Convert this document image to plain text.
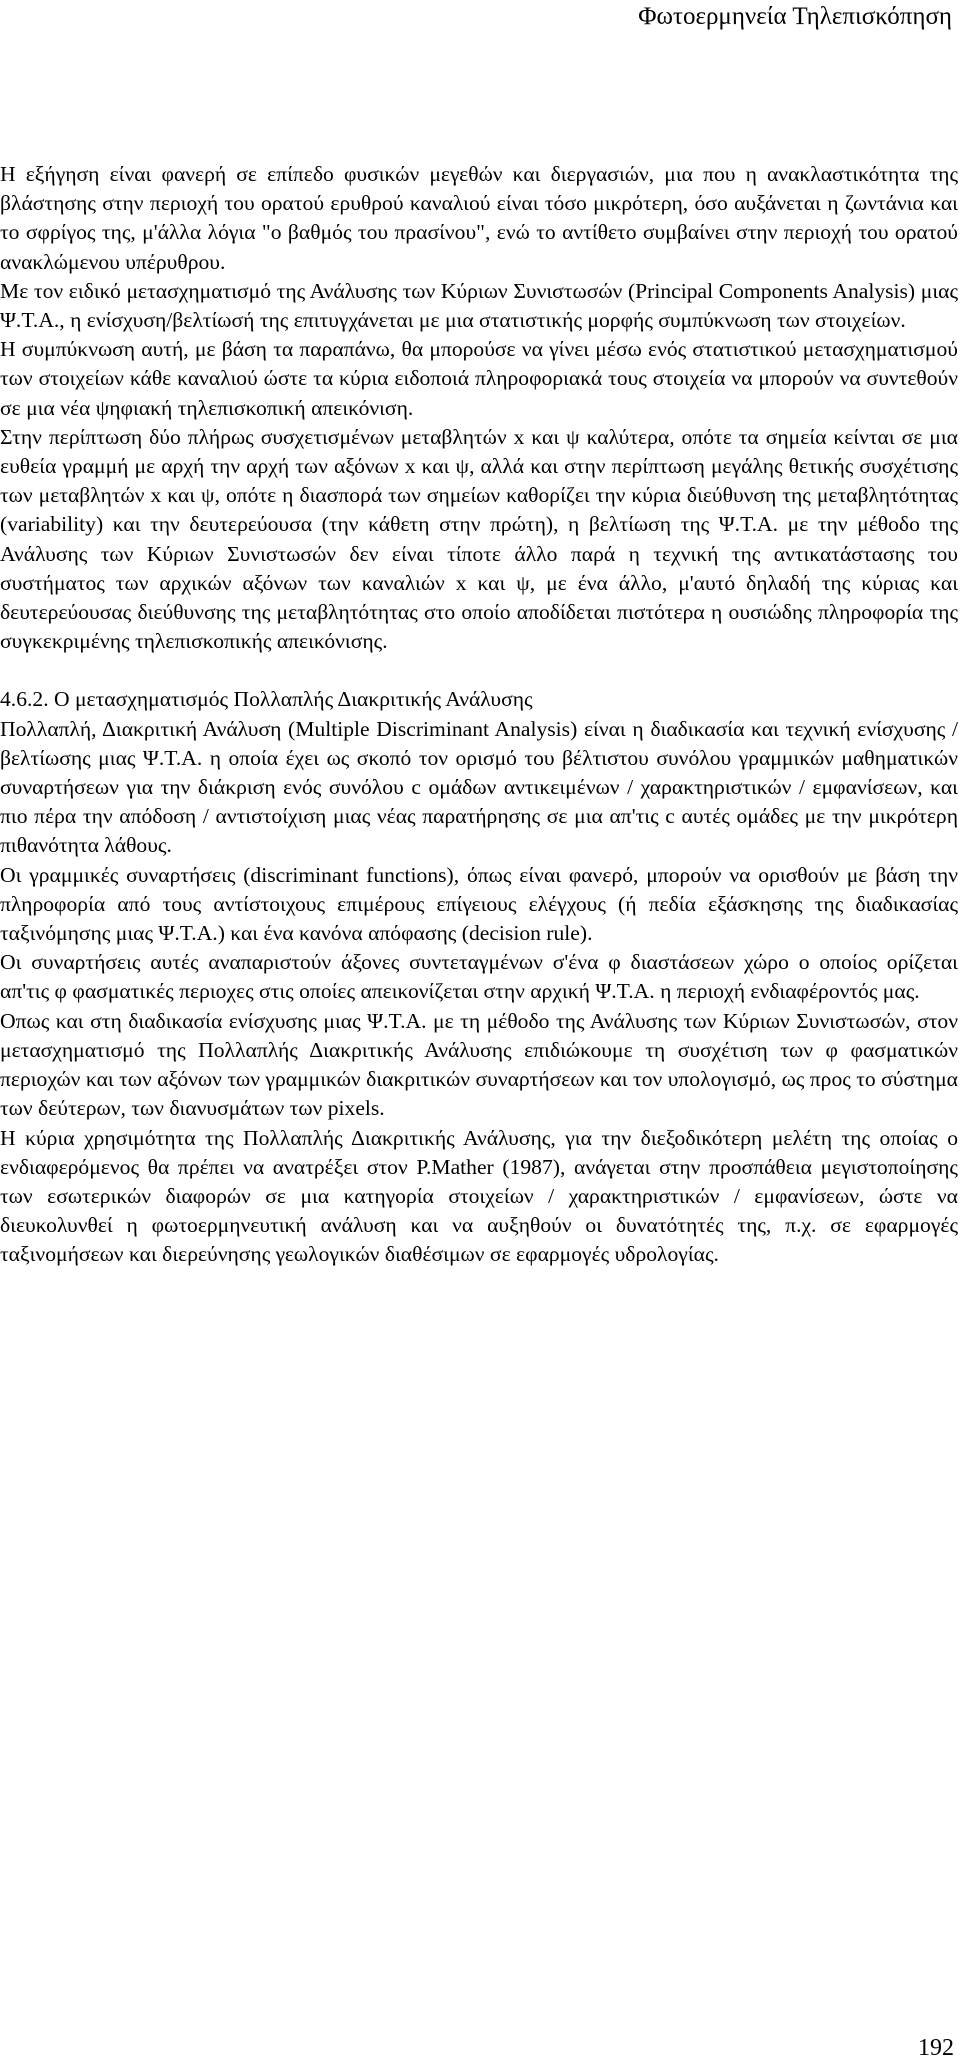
Φωτοερμηνεία Τηλεπισκόπηση

Η εξήγηση είναι φανερή σε επίπεδο φυσικών μεγεθών και διεργασιών, μια που η ανακλαστικότητα της βλάστησης στην περιοχή του ορατού ερυθρού καναλιού είναι τόσο μικρότερη, όσο αυξάνεται η ζωντάνια και το σφρίγος της, μ'άλλα λόγια "ο βαθμός του πρασίνου", ενώ το αντίθετο συμβαίνει στην περιοχή του ορατού ανακλώμενου υπέρυθρου.

Με τον ειδικό μετασχηματισμό της Ανάλυσης των Κύριων Συνιστωσών (Principal Components Analysis) μιας Ψ.Τ.Α., η ενίσχυση/βελτίωσή της επιτυγχάνεται με μια στατιστικής μορφής συμπύκνωση των στοιχείων.

Η συμπύκνωση αυτή, με βάση τα παραπάνω, θα μπορούσε να γίνει μέσω ενός στατιστικού μετασχηματισμού των στοιχείων κάθε καναλιού ώστε τα κύρια ειδοποιά πληροφοριακά τους στοιχεία να μπορούν να συντεθούν σε μια νέα ψηφιακή τηλεπισκοπική απεικόνιση.

Στην περίπτωση δύο πλήρως συσχετισμένων μεταβλητών x και ψ καλύτερα, οπότε τα σημεία κείνται σε μια ευθεία γραμμή με αρχή την αρχή των αξόνων x και ψ, αλλά και στην περίπτωση μεγάλης θετικής συσχέτισης των μεταβλητών x και ψ, οπότε η διασπορά των σημείων καθορίζει την κύρια διεύθυνση της μεταβλητότητας (variability) και την δευτερεύουσα (την κάθετη στην πρώτη), η βελτίωση της Ψ.Τ.Α. με την μέθοδο της Ανάλυσης των Κύριων Συνιστωσών δεν είναι τίποτε άλλο παρά η τεχνική της αντικατάστασης του συστήματος των αρχικών αξόνων των καναλιών x και ψ, με ένα άλλο, μ'αυτό δηλαδή της κύριας και δευτερεύουσας διεύθυνσης της μεταβλητότητας στο οποίο αποδίδεται πιστότερα η ουσιώδης πληροφορία της συγκεκριμένης τηλεπισκοπικής απεικόνισης.

4.6.2. Ο μετασχηματισμός Πολλαπλής Διακριτικής Ανάλυσης

Πολλαπλή, Διακριτική Ανάλυση (Multiple Discriminant Analysis) είναι η διαδικασία και τεχνική ενίσχυσης / βελτίωσης μιας Ψ.Τ.Α. η οποία έχει ως σκοπό τον ορισμό του βέλτιστου συνόλου γραμμικών μαθηματικών συναρτήσεων για την διάκριση ενός συνόλου c ομάδων αντικειμένων / χαρακτηριστικών / εμφανίσεων, και πιο πέρα την απόδοση / αντιστοίχιση μιας νέας παρατήρησης σε μια απ'τις c αυτές ομάδες με την μικρότερη πιθανότητα λάθους.

Οι γραμμικές συναρτήσεις (discriminant functions), όπως είναι φανερό, μπορούν να ορισθούν με βάση την πληροφορία από τους αντίστοιχους επιμέρους επίγειους ελέγχους (ή πεδία εξάσκησης της διαδικασίας ταξινόμησης μιας Ψ.Τ.Α.) και ένα κανόνα απόφασης (decision rule).

Οι συναρτήσεις αυτές αναπαριστούν άξονες συντεταγμένων σ'ένα φ διαστάσεων χώρο ο οποίος ορίζεται απ'τις φ φασματικές περιοχες στις οποίες απεικονίζεται στην αρχική Ψ.Τ.Α. η περιοχή ενδιαφέροντός μας.

Οπως και στη διαδικασία ενίσχυσης μιας Ψ.Τ.Α. με τη μέθοδο της Ανάλυσης των Κύριων Συνιστωσών, στον μετασχηματισμό της Πολλαπλής Διακριτικής Ανάλυσης επιδιώκουμε τη συσχέτιση των φ φασματικών περιοχών και των αξόνων των γραμμικών διακριτικών συναρτήσεων και τον υπολογισμό, ως προς το σύστημα των δεύτερων, των διανυσμάτων των pixels.

Η κύρια χρησιμότητα της Πολλαπλής Διακριτικής Ανάλυσης, για την διεξοδικότερη μελέτη της οποίας ο ενδιαφερόμενος θα πρέπει να ανατρέξει στον P.Mather (1987), ανάγεται στην προσπάθεια μεγιστοποίησης των εσωτερικών διαφορών σε μια κατηγορία στοιχείων / χαρακτηριστικών / εμφανίσεων, ώστε να διευκολυνθεί η φωτοερμηνευτική ανάλυση και να αυξηθούν οι δυνατότητές της, π.χ. σε εφαρμογές ταξινομήσεων και διερεύνησης γεωλογικών διαθέσιμων σε εφαρμογές υδρολογίας.

192
